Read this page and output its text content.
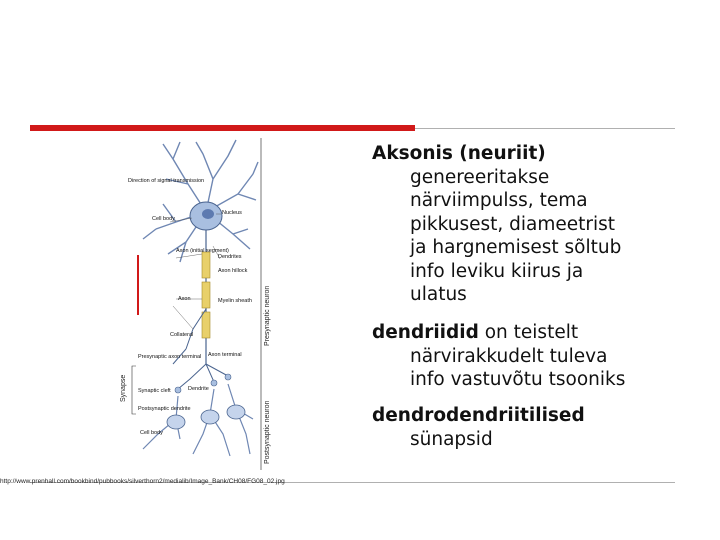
Direction of signal transmission
Cell body
Nucleus
Axon (initial segment)
Dendrites
Axon hillock
Axon	Myelin sheath
Collateral
Presynaptic axon terminal Axon terminal
Synaptic cleft
Postsynaptic dendrite
Dendrite
Cell body
Presynaptic neuron
Postsynaptic neuron
Synapse
http://www.prenhall.com/bookbind/pubbooks/silverthorn2/medialib/Image_Bank/CH08/FG08_02.jpg
Aksonis (neuriit)
genereeritakse
närviimpulss, tema
pikkusest, diameetrist
ja hargnemisest sõltub
info leviku kiirus ja
ulatus
dendriidid on teistelt
närvirakkudelt tuleva
info vastuvõtu tsooniks
dendrodendriitilised
sünapsid
